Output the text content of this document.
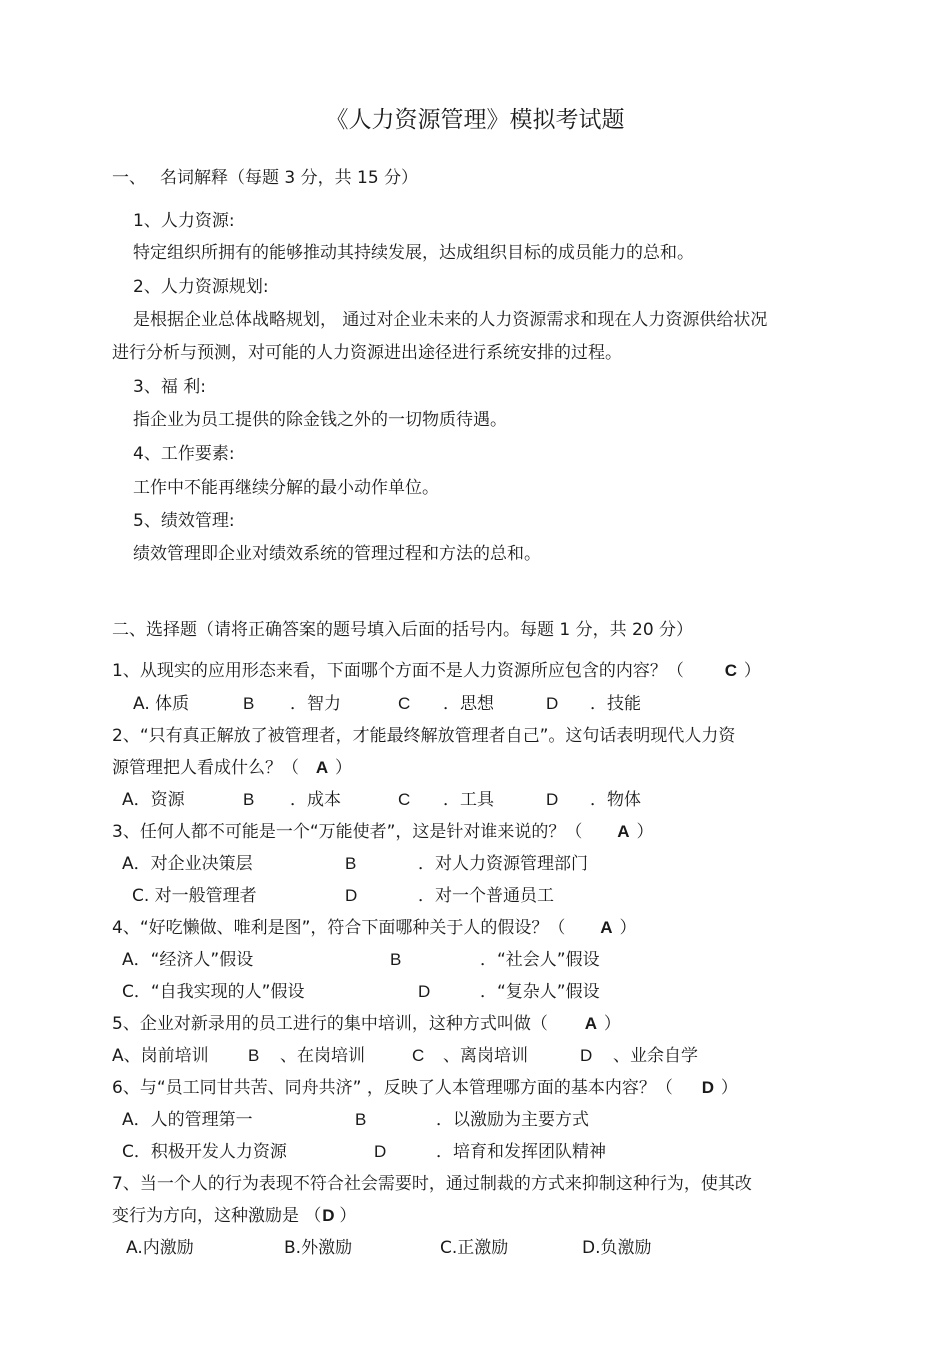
《人力资源管理》模拟考试题
一、 名词解释（每题 3 分，共 15 分）
1、人力资源:
特定组织所拥有的能够推动其持续发展，达成组织目标的成员能力的总和。
2、人力资源规划:
是根据企业总体战略规划， 通过对企业未来的人力资源需求和现在人力资源供给状况
进行分析与预测，对可能的人力资源进出途径进行系统安排的过程。
3、福 利:
指企业为员工提供的除金钱之外的一切物质待遇。
4、工作要素:
工作中不能再继续分解的最小动作单位。
5、绩效管理:
绩效管理即企业对绩效系统的管理过程和方法的总和。
二、选择题（请将正确答案的题号填入后面的括号内。每题 1 分，共 20 分）
1、从现实的应用形态来看，下面哪个方面不是人力资源所应包含的内容？（ C ）
A. 体质	B ．智力	C ．思想	D ．技能
2、“只有真正解放了被管理者，才能最终解放管理者自己”。这句话表明现代人力资
源管理把人看成什么？（ A ）
A．资源	B ．成本	C ．工具	D ．物体
3、任何人都不可能是一个“万能使者”，这是针对谁来说的？（ A ）
A．对企业决策层	B	．对人力资源管理部门
C. 对一般管理者	D	．对一个普通员工
4、“好吃懒做、唯利是图”，符合下面哪种关于人的假设？（ A ）
A．“经济人”假设	B	．“社会人”假设
C．“自我实现的人”假设	D	．“复杂人”假设
5、企业对新录用的员工进行的集中培训，这种方式叫做（ A ）
A、岗前培训 B 、在岗培训	C 、离岗培训	D 、业余自学
6、与“员工同甘共苦、同舟共济” ，反映了人本管理哪方面的基本内容？（ D ）
A．人的管理第一	B	．以激励为主要方式
C．积极开发人力资源	D	．培育和发挥团队精神
7、当一个人的行为表现不符合社会需要时，通过制裁的方式来抑制这种行为，使其改
变行为方向，这种激励是 （D ）
A.内激励	B.外激励	C.正激励	D.负激励
